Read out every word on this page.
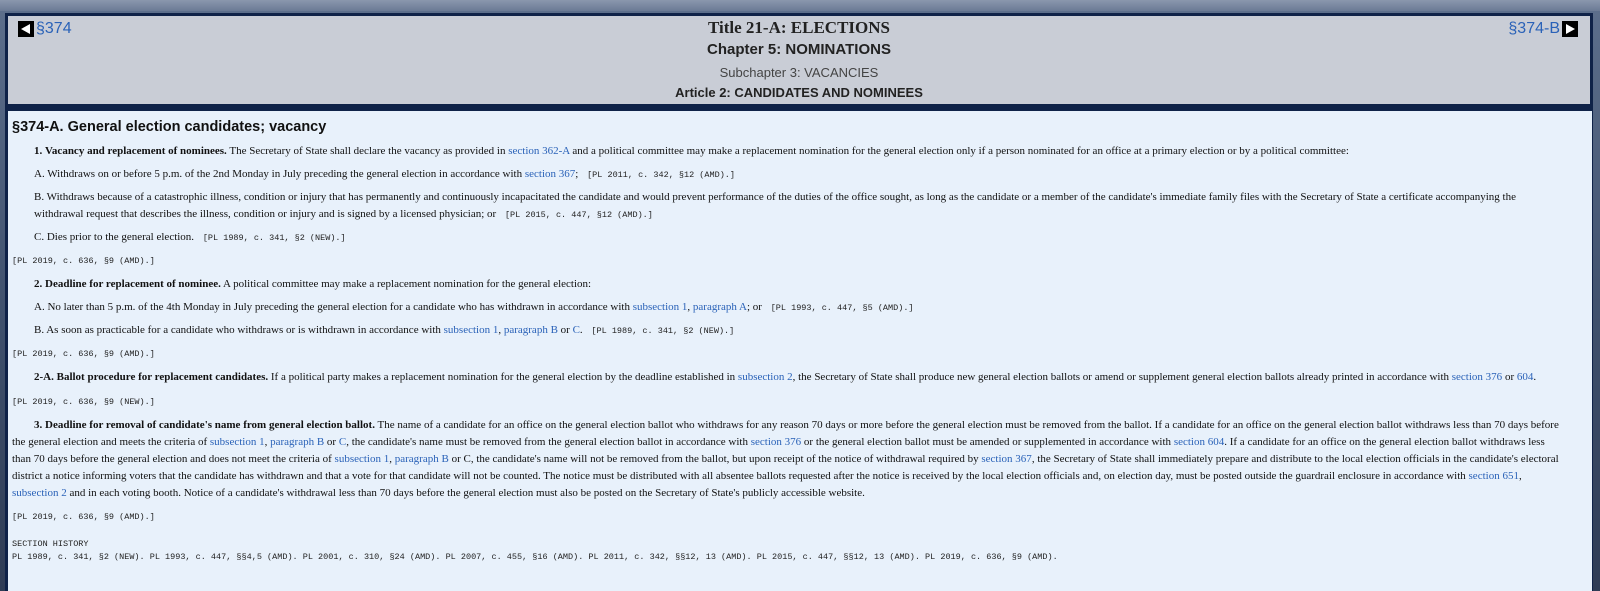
§374	Title 21-A: ELECTIONS
Chapter 5: NOMINATIONS
Subchapter 3: VACANCIES
Article 2: CANDIDATES AND NOMINEES
§374-B
§374-A. General election candidates; vacancy
1. Vacancy and replacement of nominees. The Secretary of State shall declare the vacancy as provided in section 362-A and a political committee may make a replacement nomination for the general election only if a person nominated for an office at a primary election or by a political committee:
A. Withdraws on or before 5 p.m. of the 2nd Monday in July preceding the general election in accordance with section 367; [PL 2011, c. 342, §12 (AMD).]
B. Withdraws because of a catastrophic illness, condition or injury that has permanently and continuously incapacitated the candidate and would prevent performance of the duties of the office sought, as long as the candidate or a member of the candidate's immediate family files with the Secretary of State a certificate accompanying the withdrawal request that describes the illness, condition or injury and is signed by a licensed physician; or [PL 2015, c. 447, §12 (AMD).]
C. Dies prior to the general election. [PL 1989, c. 341, §2 (NEW).]
[PL 2019, c. 636, §9 (AMD).]
2. Deadline for replacement of nominee. A political committee may make a replacement nomination for the general election:
A. No later than 5 p.m. of the 4th Monday in July preceding the general election for a candidate who has withdrawn in accordance with subsection 1, paragraph A; or [PL 1993, c. 447, §5 (AMD).]
B. As soon as practicable for a candidate who withdraws or is withdrawn in accordance with subsection 1, paragraph B or C. [PL 1989, c. 341, §2 (NEW).]
[PL 2019, c. 636, §9 (AMD).]
2-A. Ballot procedure for replacement candidates. If a political party makes a replacement nomination for the general election by the deadline established in subsection 2, the Secretary of State shall produce new general election ballots or amend or supplement general election ballots already printed in accordance with section 376 or 604.
[PL 2019, c. 636, §9 (NEW).]
3. Deadline for removal of candidate's name from general election ballot. The name of a candidate for an office on the general election ballot who withdraws for any reason 70 days or more before the general election must be removed from the ballot. If a candidate for an office on the general election ballot withdraws less than 70 days before the general election and meets the criteria of subsection 1, paragraph B or C, the candidate's name must be removed from the general election ballot in accordance with section 376 or the general election ballot must be amended or supplemented in accordance with section 604. If a candidate for an office on the general election ballot withdraws less than 70 days before the general election and does not meet the criteria of subsection 1, paragraph B or C, the candidate's name will not be removed from the ballot, but upon receipt of the notice of withdrawal required by section 367, the Secretary of State shall immediately prepare and distribute to the local election officials in the candidate's electoral district a notice informing voters that the candidate has withdrawn and that a vote for that candidate will not be counted. The notice must be distributed with all absentee ballots requested after the notice is received by the local election officials and, on election day, must be posted outside the guardrail enclosure in accordance with section 651, subsection 2 and in each voting booth. Notice of a candidate's withdrawal less than 70 days before the general election must also be posted on the Secretary of State's publicly accessible website.
[PL 2019, c. 636, §9 (AMD).]
SECTION HISTORY
PL 1989, c. 341, §2 (NEW). PL 1993, c. 447, §§4,5 (AMD). PL 2001, c. 310, §24 (AMD). PL 2007, c. 455, §16 (AMD). PL 2011, c. 342, §§12, 13 (AMD). PL 2015, c. 447, §§12, 13 (AMD). PL 2019, c. 636, §9 (AMD).
